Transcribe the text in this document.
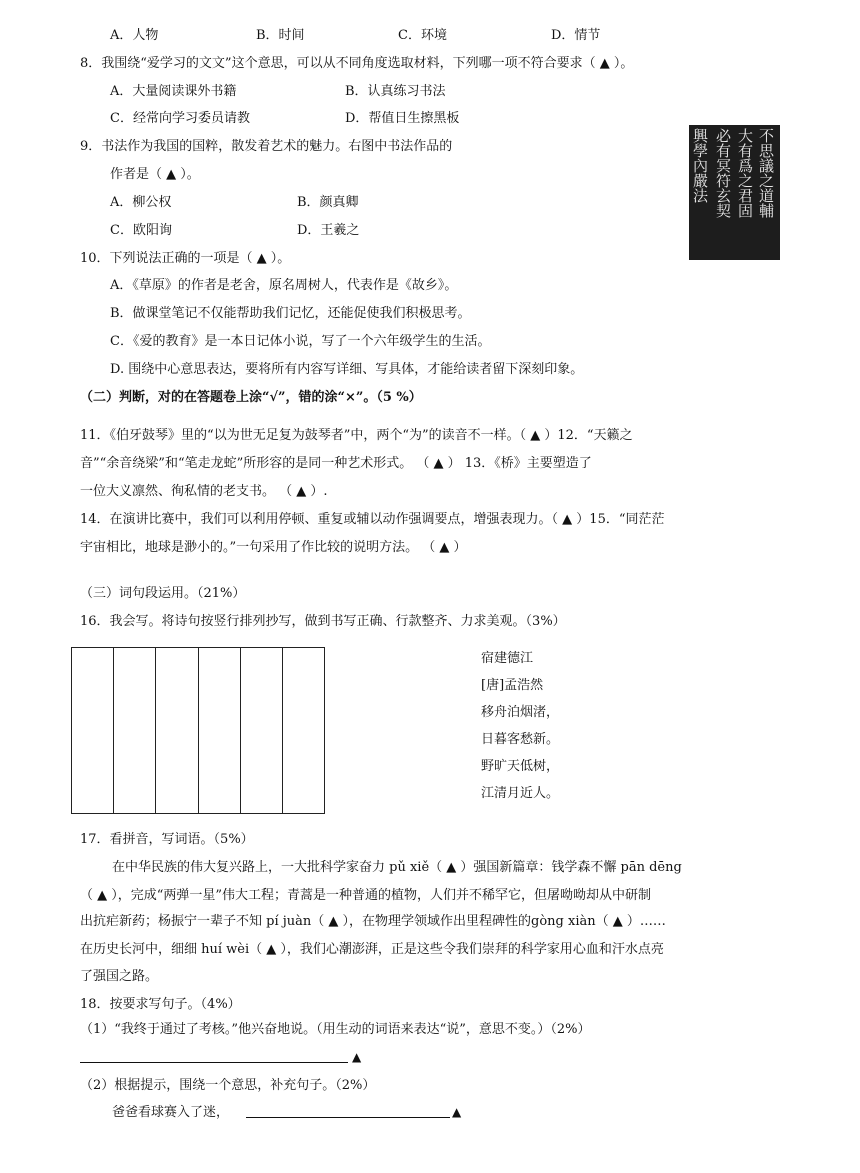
A．人物	B．时间	C．环境	D．情节
8．我围绕“爱学习的文文”这个意思，可以从不同角度选取材料，下列哪一项不符合要求（ ▲ ）。
A．大量阅读课外书籍	B．认真练习书法
C．经常向学习委员请教	D．帮值日生擦黑板
9．书法作为我国的国粹，散发着艺术的魅力。右图中书法作品的
作者是（ ▲ ）。
A．柳公权	B．颜真卿
C．欧阳询	D．王羲之
不思議之道輔
大有爲之君固
必有冥符玄契
興學內嚴法
10．下列说法正确的一项是（ ▲ ）。
A．《草原》的作者是老舍，原名周树人，代表作是《故乡》。
B．做课堂笔记不仅能帮助我们记忆，还能促使我们积极思考。
C．《爱的教育》是一本日记体小说，写了一个六年级学生的生活。
D. 围绕中心意思表达，要将所有内容写详细、写具体，才能给读者留下深刻印象。
（二）判断，对的在答题卷上涂“√”，错的涂“×”。（5 %）
11．《伯牙鼓琴》里的“以为世无足复为鼓琴者”中，两个“为”的读音不一样。（ ▲ ）12．“天籁之
音”“余音绕梁”和“笔走龙蛇”所形容的是同一种艺术形式。 （ ▲ ） 13．《桥》主要塑造了
一位大义凛然、徇私情的老支书。 （ ▲ ）.
14．在演讲比赛中，我们可以利用停顿、重复或辅以动作强调要点，增强表现力。（ ▲ ）15．“同茫茫
宇宙相比，地球是渺小的。”一句采用了作比较的说明方法。 （ ▲ ）
（三）词句段运用。（21%）
16．我会写。将诗句按竖行排列抄写，做到书写正确、行款整齐、力求美观。（3%）
宿建德江
[唐]孟浩然
移舟泊烟渚，
日暮客愁新。
野旷天低树，
江清月近人。
17．看拼音，写词语。（5%）
在中华民族的伟大复兴路上，一大批科学家奋力 pǔ xiě（ ▲ ）强国新篇章：钱学森不懈 pān dēng
（ ▲ ），完成“两弹一星”伟大工程；青蒿是一种普通的植物，人们并不稀罕它，但屠呦呦却从中研制
出抗疟新药；杨振宁一辈子不知 pí juàn（ ▲ ），在物理学领域作出里程碑性的gòng xiàn（ ▲ ）……
在历史长河中，细细 huí wèi（ ▲ ），我们心潮澎湃，正是这些令我们崇拜的科学家用心血和汗水点亮
了强国之路。
18．按要求写句子。（4%）
（1）“我终于通过了考核。”他兴奋地说。（用生动的词语来表达“说”，意思不变。）（2%）
▲
（2）根据提示，围绕一个意思，补充句子。（2%）
爸爸看球赛入了迷，	▲
